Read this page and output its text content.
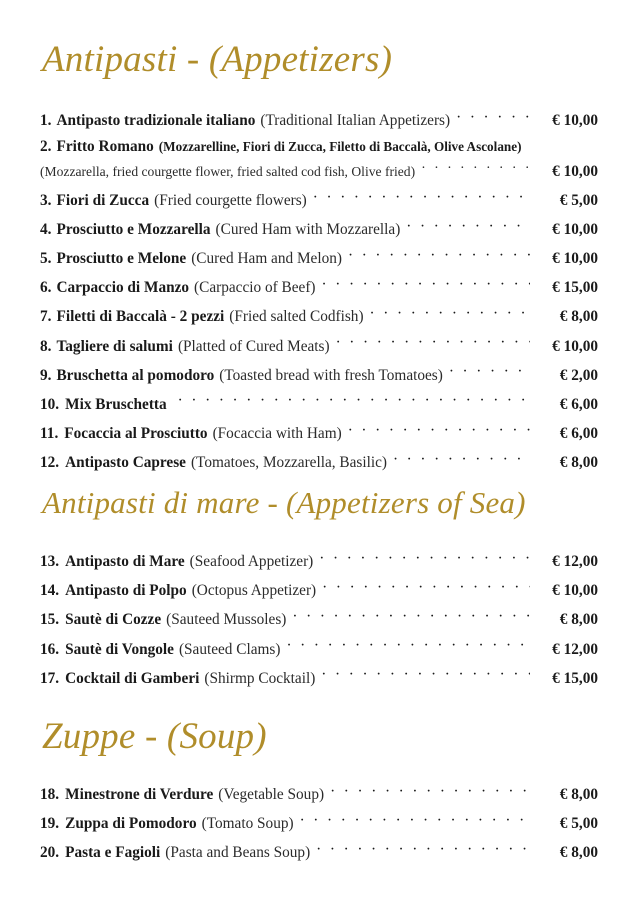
Antipasti - (Appetizers)
1. Antipasto tradizionale italiano (Traditional Italian Appetizers) · · ·	€ 10,00
2. Fritto Romano (Mozzarelline, Fiori di Zucca, Filetto di Baccalà, Olive Ascolane)
(Mozzarella, fried courgette flower, fried salted cod fish, Olive fried) · · ·	€ 10,00
3. Fiori di Zucca (Fried courgette flowers) · · ·	€ 5,00
4. Prosciutto e Mozzarella (Cured Ham with Mozzarella) · · ·	€ 10,00
5. Prosciutto e Melone (Cured Ham and Melon) · · ·	€ 10,00
6. Carpaccio di Manzo (Carpaccio of Beef) · · ·	€ 15,00
7. Filetti di Baccalà - 2 pezzi (Fried salted Codfish) · · ·	€ 8,00
8. Tagliere di salumi (Platted of Cured Meats) · · ·	€ 10,00
9. Bruschetta al pomodoro (Toasted bread with fresh Tomatoes) · · ·	€ 2,00
10. Mix Bruschetta · · ·	€ 6,00
11. Focaccia al Prosciutto (Focaccia with Ham) · · ·	€ 6,00
12. Antipasto Caprese (Tomatoes, Mozzarella, Basilic) · · ·	€ 8,00
Antipasti di mare - (Appetizers of Sea)
13. Antipasto di Mare (Seafood Appetizer) · · ·	€ 12,00
14. Antipasto di Polpo (Octopus Appetizer) · · ·	€ 10,00
15. Sautè di Cozze (Sauteed Mussoles) · · ·	€ 8,00
16. Sautè di Vongole (Sauteed Clams) · · ·	€ 12,00
17. Cocktail di Gamberi (Shirmp Cocktail) · · ·	€ 15,00
Zuppe - (Soup)
18. Minestrone di Verdure (Vegetable Soup) · · ·	€ 8,00
19. Zuppa di Pomodoro (Tomato Soup) · · ·	€ 5,00
20. Pasta e Fagioli (Pasta and Beans Soup) · · ·	€ 8,00
